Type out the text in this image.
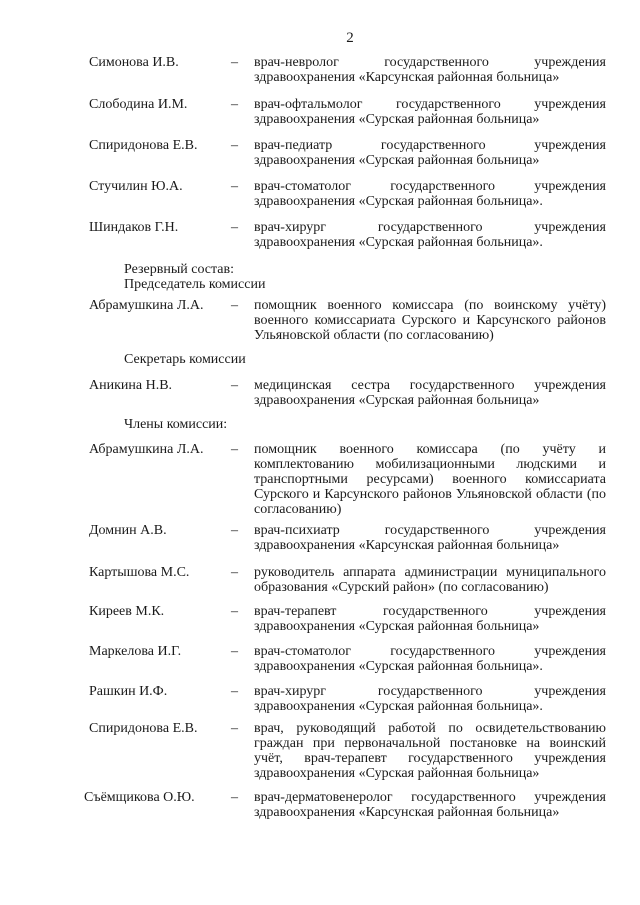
2
Симонова И.В.	– врач-невролог государственного учреждения здравоохранения «Карсунская районная больница»
Слободина И.М.	– врач-офтальмолог государственного учреждения здравоохранения «Сурская районная больница»
Спиридонова Е.В. – врач-педиатр государственного учреждения здравоохранения «Сурская районная больница»
Стучилин Ю.А.	– врач-стоматолог государственного учреждения здравоохранения «Сурская районная больница».
Шиндаков Г.Н.	– врач-хирург государственного учреждения здравоохранения «Сурская районная больница».
Резервный состав:
Председатель комиссии
Абрамушкина Л.А. – помощник военного комиссара (по воинскому учёту) военного комиссариата Сурского и Карсунского районов Ульяновской области (по согласованию)
Секретарь комиссии
Аникина Н.В.	– медицинская сестра государственного учреждения здравоохранения «Сурская районная больница»
Члены комиссии:
Абрамушкина Л.А. – помощник военного комиссара (по учёту и комплектованию мобилизационными людскими и транспортными ресурсами) военного комиссариата Сурского и Карсунского районов Ульяновской области (по согласованию)
Домнин А.В.	– врач-психиатр государственного учреждения здравоохранения «Карсунская районная больница»
Картышова М.С.	– руководитель аппарата администрации муниципального образования «Сурский район» (по согласованию)
Киреев М.К.	– врач-терапевт государственного учреждения здравоохранения «Сурская районная больница»
Маркелова И.Г.	– врач-стоматолог государственного учреждения здравоохранения «Сурская районная больница».
Рашкин И.Ф.	– врач-хирург государственного учреждения здравоохранения «Сурская районная больница».
Спиридонова Е.В. – врач, руководящий работой по освидетельствованию граждан при первоначальной постановке на воинский учёт, врач-терапевт государственного учреждения здравоохранения «Сурская районная больница»
Съёмщикова О.Ю.	– врач-дерматовенеролог государственного учреждения здравоохранения «Карсунская районная больница»
